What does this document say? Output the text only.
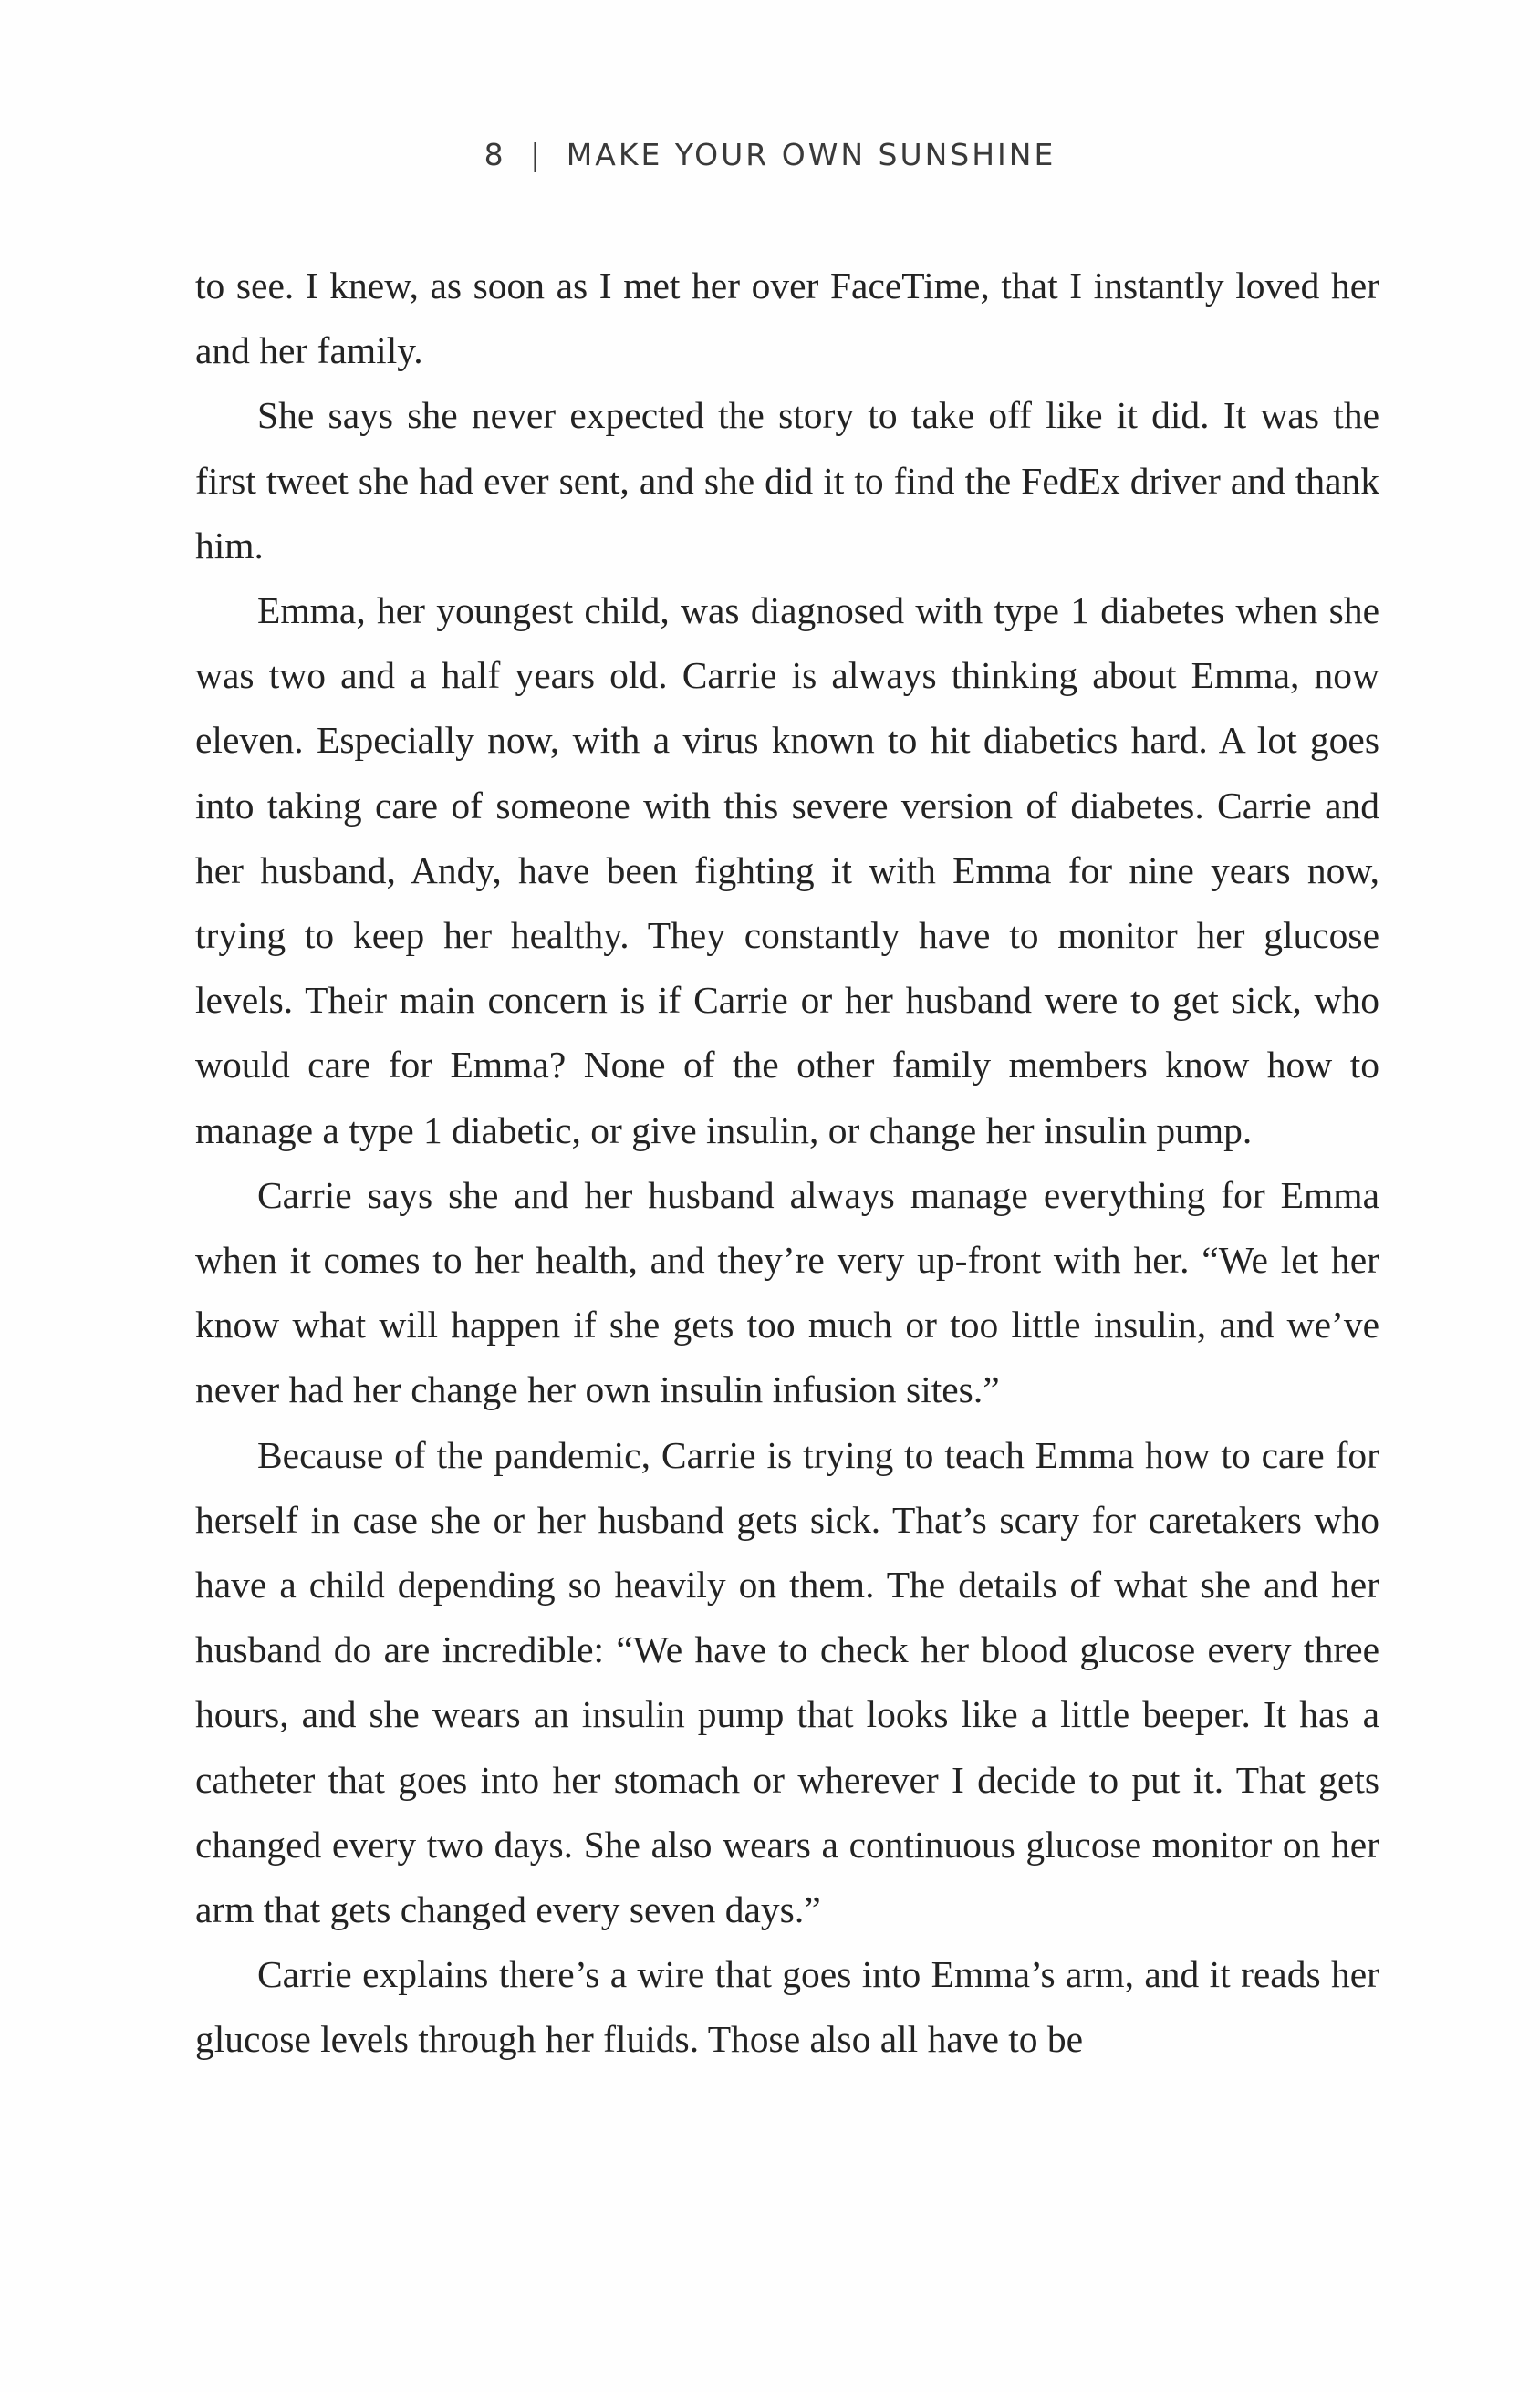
8 | MAKE YOUR OWN SUNSHINE

to see. I knew, as soon as I met her over FaceTime, that I instantly loved her and her family.

She says she never expected the story to take off like it did. It was the first tweet she had ever sent, and she did it to find the FedEx driver and thank him.

Emma, her youngest child, was diagnosed with type 1 diabetes when she was two and a half years old. Carrie is always thinking about Emma, now eleven. Especially now, with a virus known to hit diabetics hard. A lot goes into taking care of someone with this severe version of diabetes. Carrie and her husband, Andy, have been fighting it with Emma for nine years now, trying to keep her healthy. They constantly have to monitor her glucose levels. Their main concern is if Carrie or her husband were to get sick, who would care for Emma? None of the other family members know how to manage a type 1 diabetic, or give insulin, or change her insulin pump.

Carrie says she and her husband always manage everything for Emma when it comes to her health, and they’re very up-front with her. “We let her know what will happen if she gets too much or too little insulin, and we’ve never had her change her own insulin infusion sites.”

Because of the pandemic, Carrie is trying to teach Emma how to care for herself in case she or her husband gets sick. That’s scary for caretakers who have a child depending so heavily on them. The details of what she and her husband do are incredible: “We have to check her blood glucose every three hours, and she wears an insulin pump that looks like a little beeper. It has a catheter that goes into her stomach or wherever I decide to put it. That gets changed every two days. She also wears a continuous glucose monitor on her arm that gets changed every seven days.”

Carrie explains there’s a wire that goes into Emma’s arm, and it reads her glucose levels through her fluids. Those also all have to be
